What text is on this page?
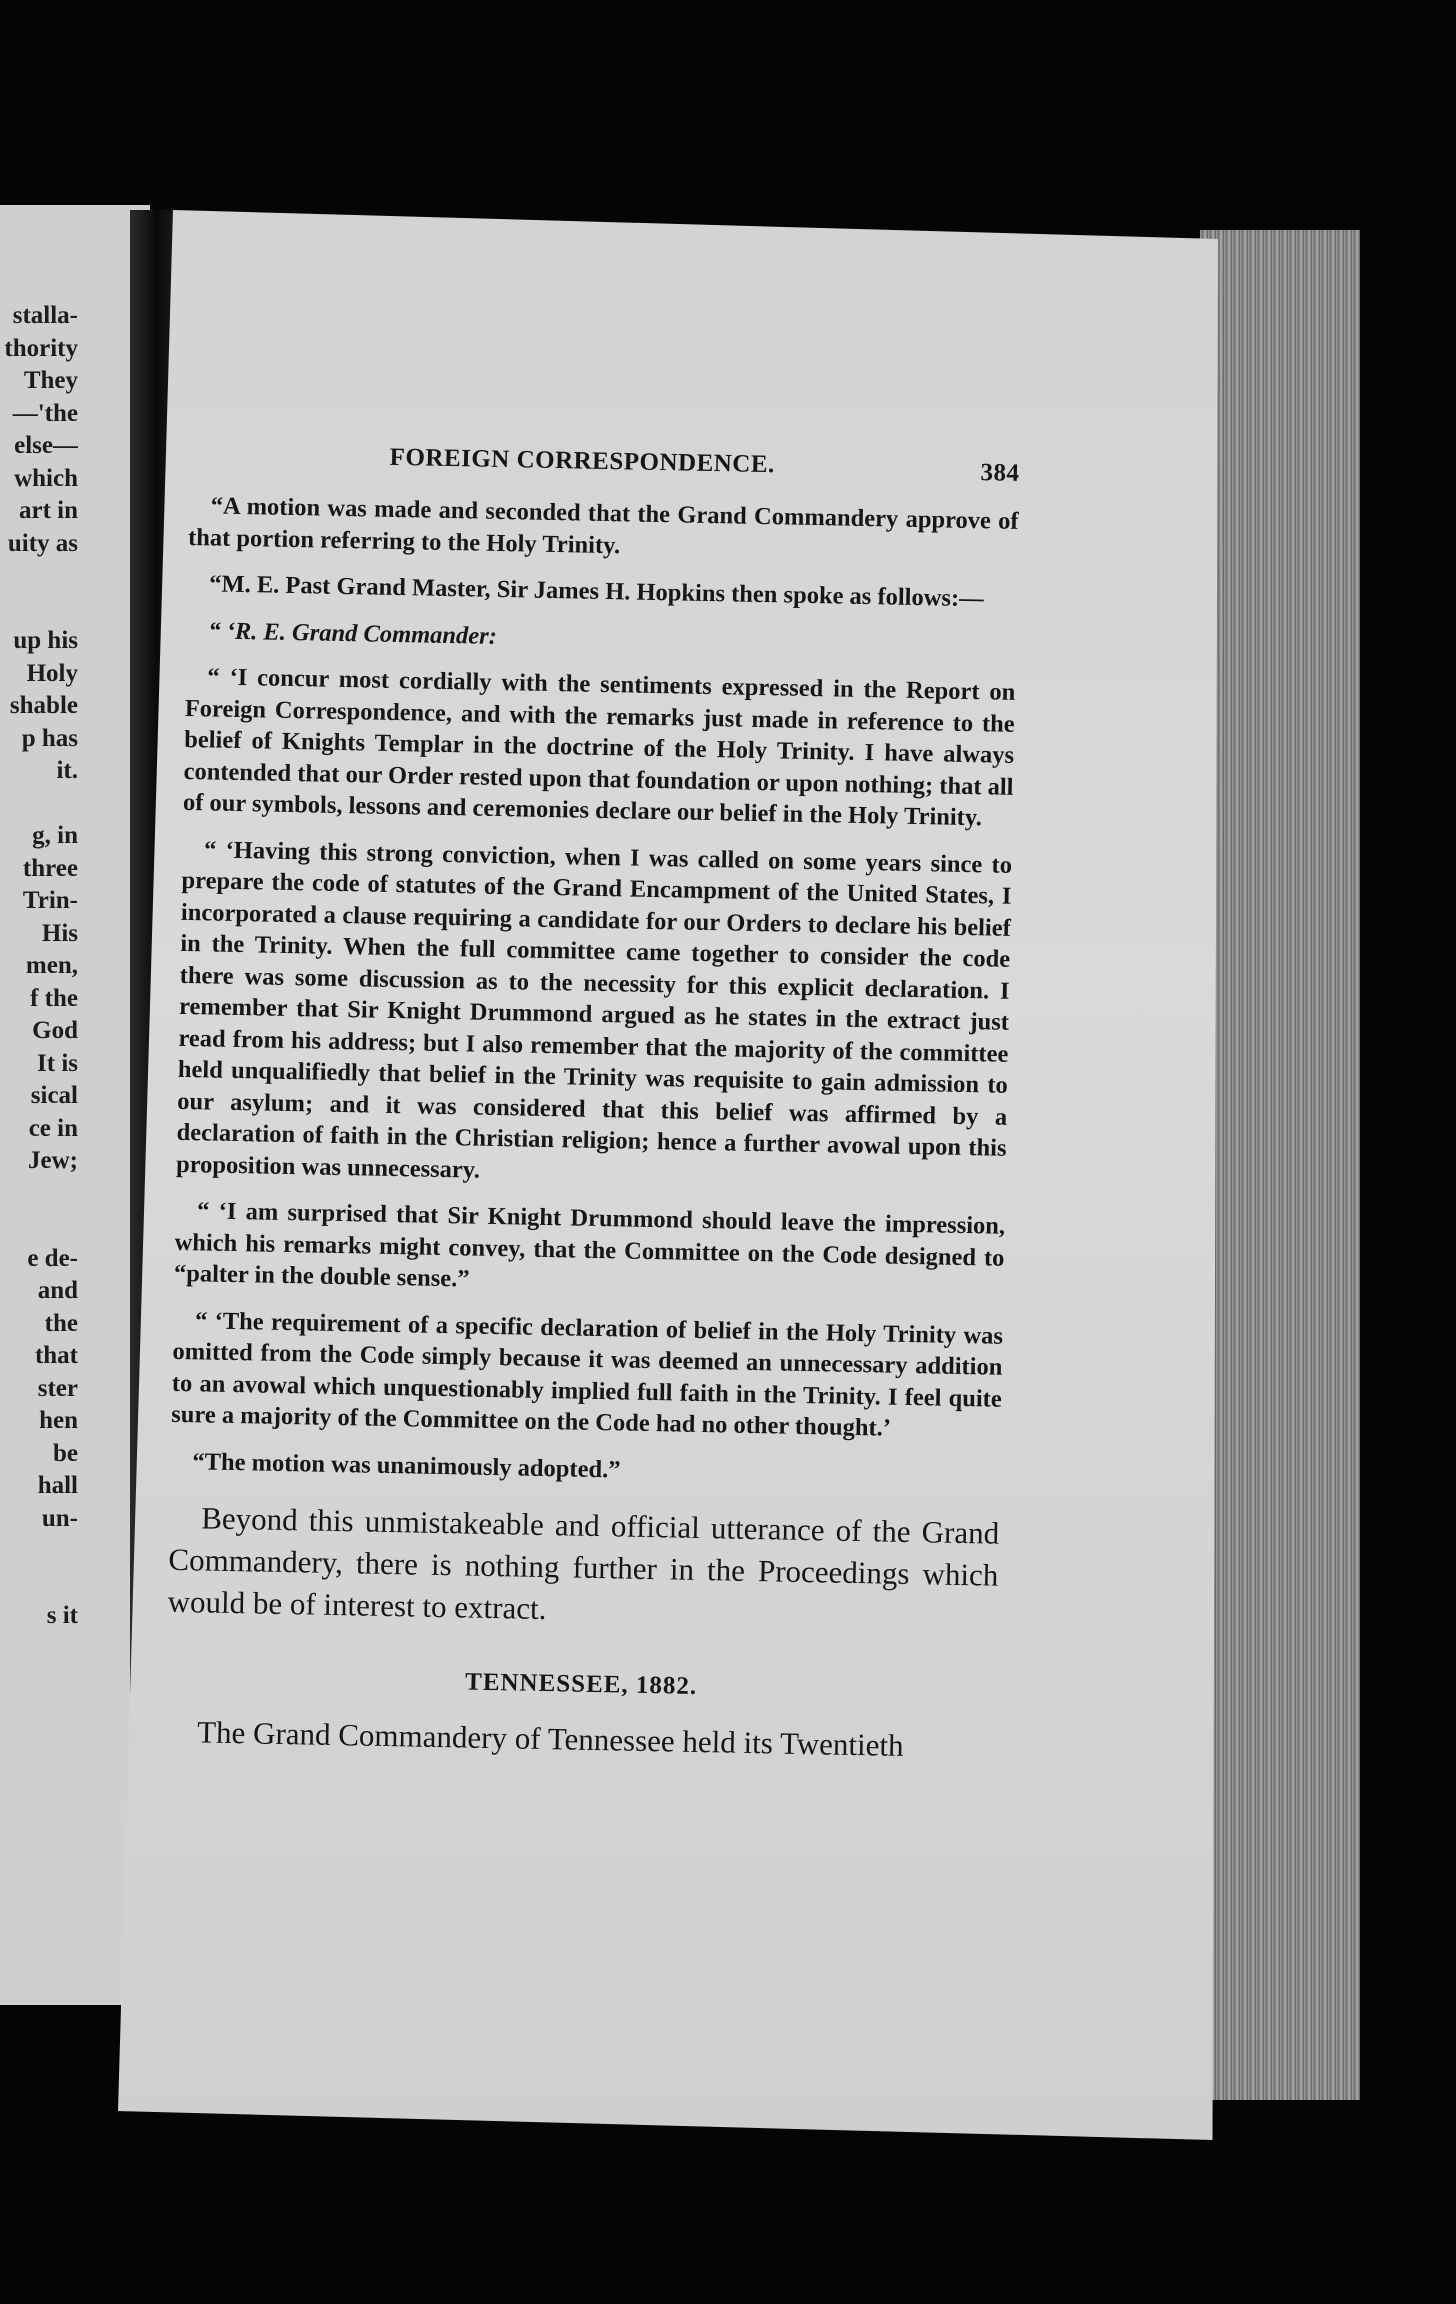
stalla-
thority
They
—'the
else—
which
art in
uity as
up his
Holy
shable
p has
it.
g, in
three
Trin-
His
men,
f the
God
It is
sical
ce in
Jew;
e de-
and
the
that
ster
hen
be
hall
un-
s it
FOREIGN CORRESPONDENCE.	384

“A motion was made and seconded that the Grand Commandery approve of that portion referring to the Holy Trinity.

“M. E. Past Grand Master, Sir James H. Hopkins then spoke as follows:—

“ ‘R. E. Grand Commander:

“ ‘I concur most cordially with the sentiments expressed in the Report on Foreign Correspondence, and with the remarks just made in reference to the belief of Knights Templar in the doctrine of the Holy Trinity. I have always contended that our Order rested upon that foundation or upon nothing; that all of our symbols, lessons and ceremonies declare our belief in the Holy Trinity.

“ ‘Having this strong conviction, when I was called on some years since to prepare the code of statutes of the Grand Encampment of the United States, I incorporated a clause requiring a candidate for our Orders to declare his belief in the Trinity. When the full committee came together to consider the code there was some discussion as to the necessity for this explicit declaration. I remember that Sir Knight Drummond argued as he states in the extract just read from his address; but I also remember that the majority of the committee held unqualifiedly that belief in the Trinity was requisite to gain admission to our asylum; and it was considered that this belief was affirmed by a declaration of faith in the Christian religion; hence a further avowal upon this proposition was unnecessary.

“ ‘I am surprised that Sir Knight Drummond should leave the impression, which his remarks might convey, that the Committee on the Code designed to “palter in the double sense.”

“ ‘The requirement of a specific declaration of belief in the Holy Trinity was omitted from the Code simply because it was deemed an unnecessary addition to an avowal which unquestionably implied full faith in the Trinity. I feel quite sure a majority of the Committee on the Code had no other thought.’

“The motion was unanimously adopted.”

Beyond this unmistakeable and official utterance of the Grand Commandery, there is nothing further in the Proceedings which would be of interest to extract.

TENNESSEE, 1882.

The Grand Commandery of Tennessee held its Twentieth
